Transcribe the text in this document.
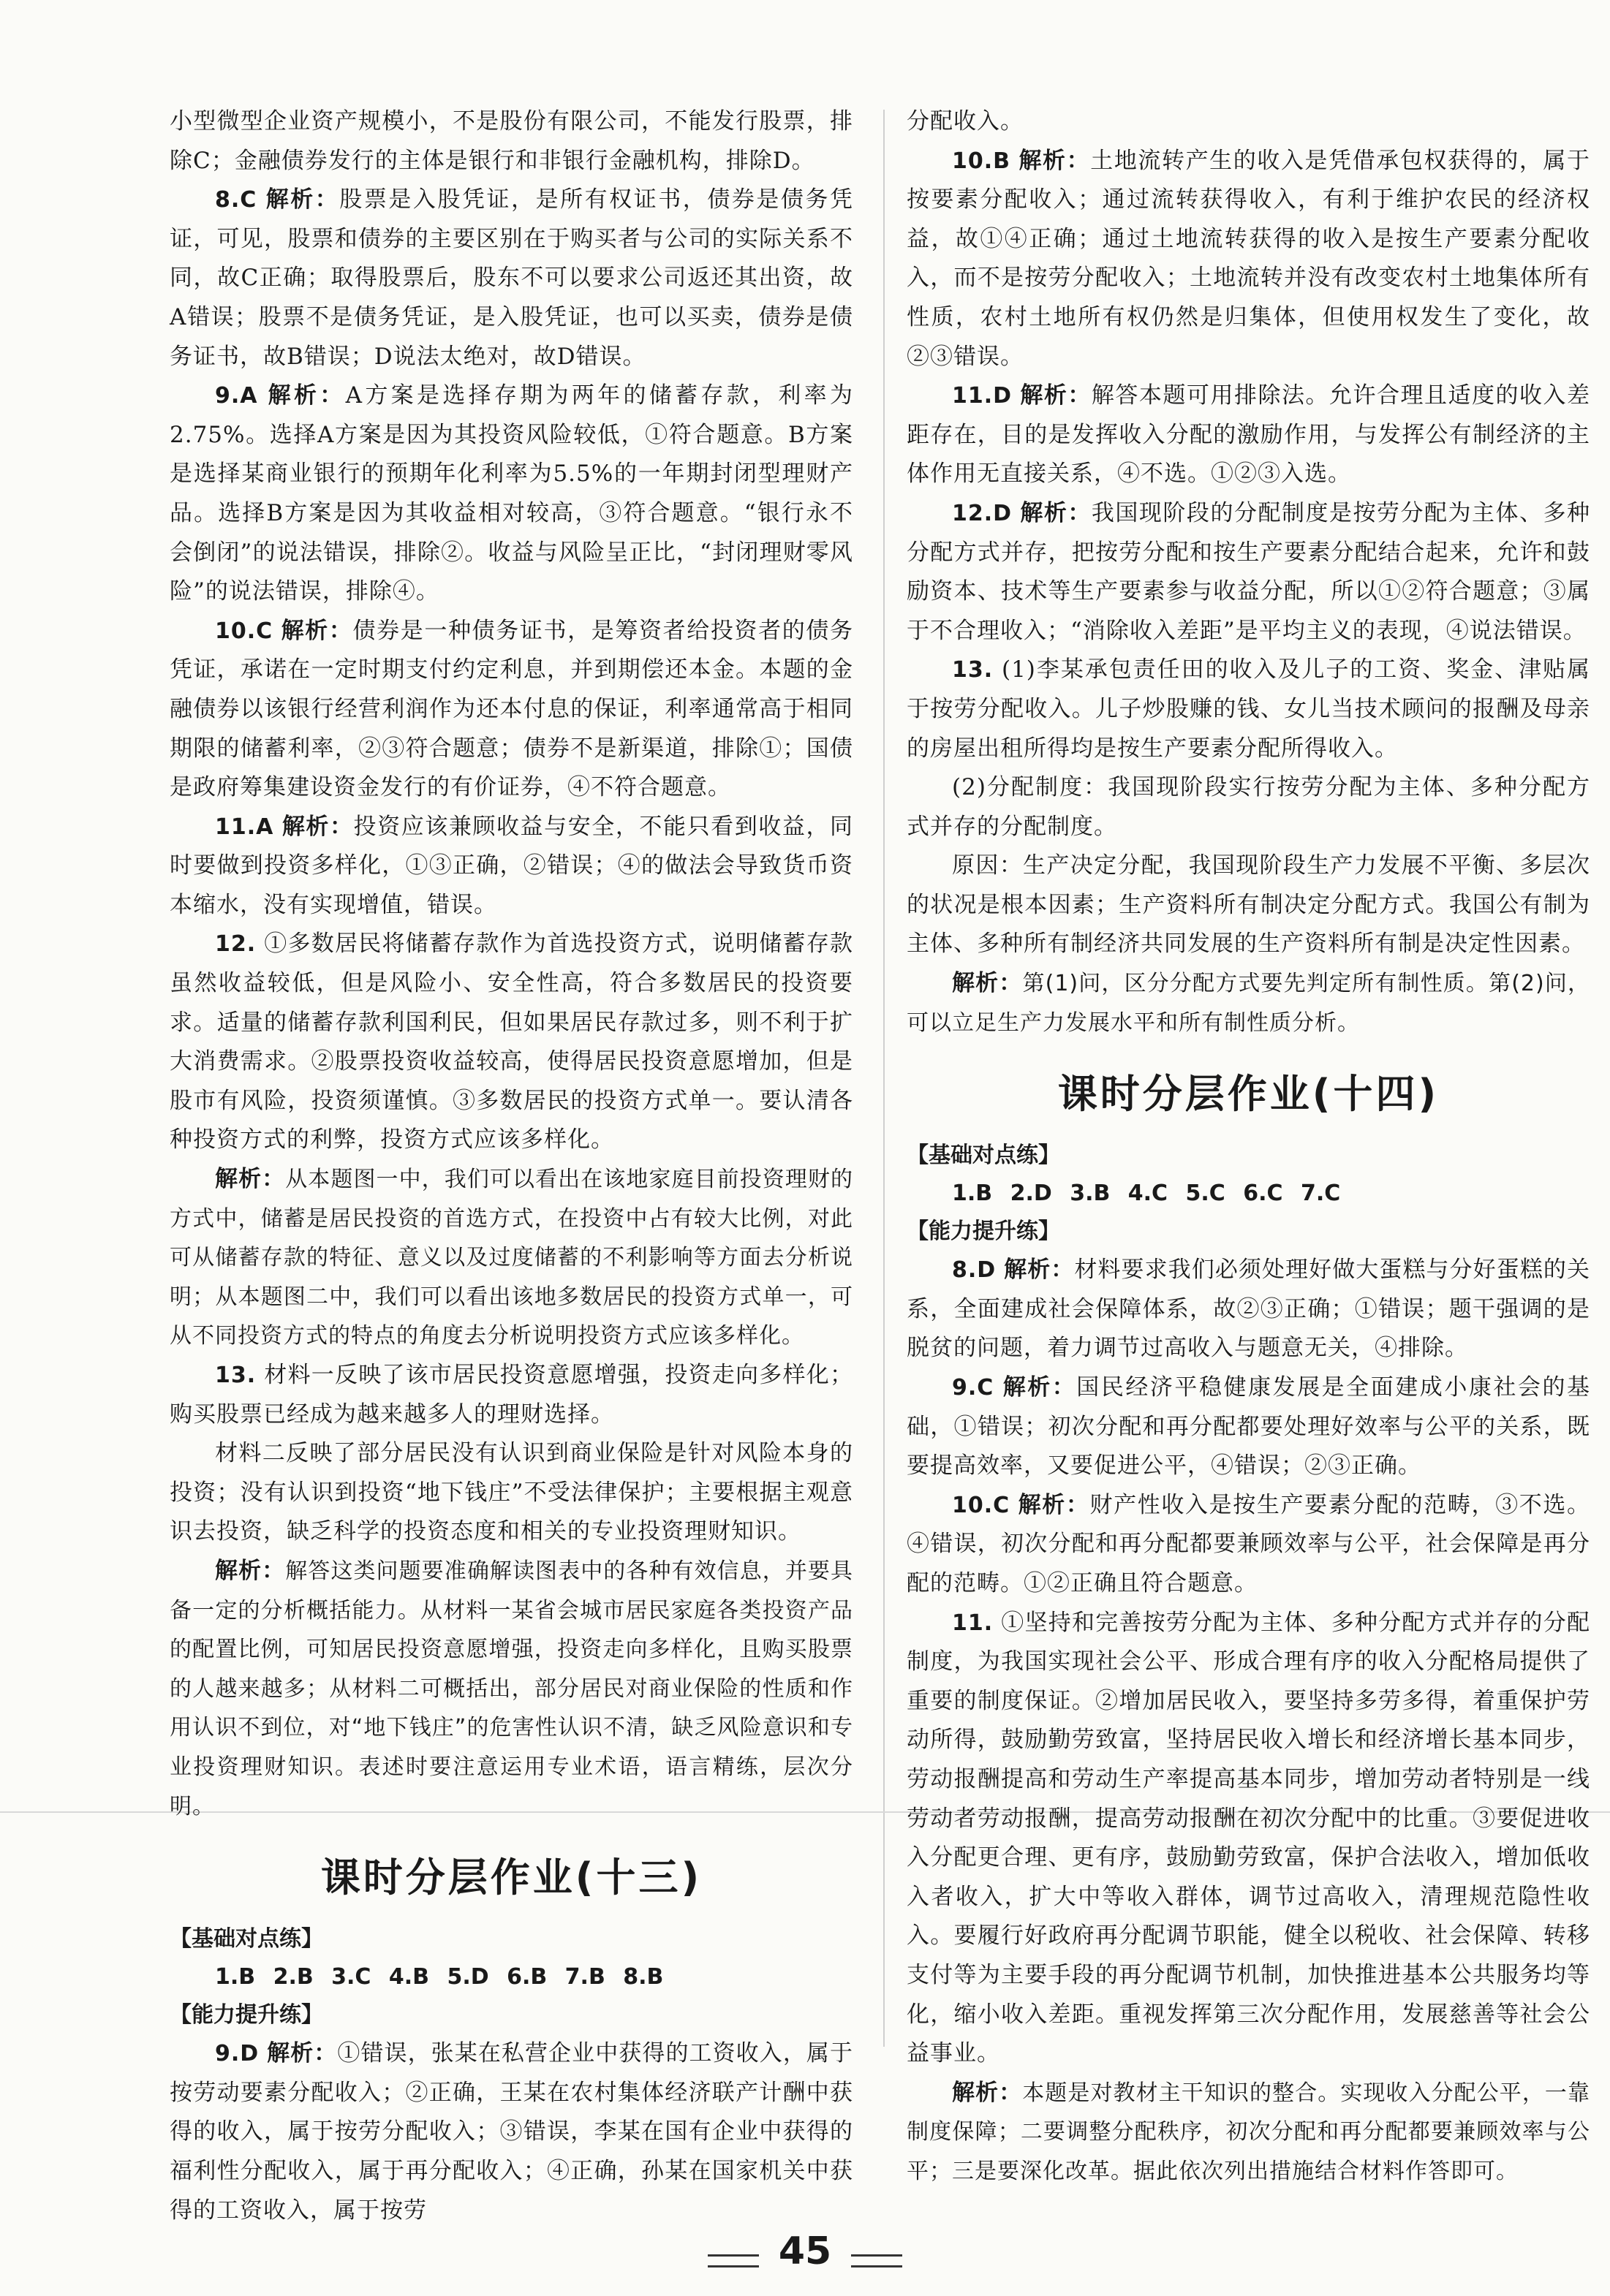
小型微型企业资产规模小，不是股份有限公司，不能发行股票，排除C；金融债券发行的主体是银行和非银行金融机构，排除D。

8.C 解析：股票是入股凭证，是所有权证书，债券是债务凭证，可见，股票和债券的主要区别在于购买者与公司的实际关系不同，故C正确；取得股票后，股东不可以要求公司返还其出资，故A错误；股票不是债务凭证，是入股凭证，也可以买卖，债券是债务证书，故B错误；D说法太绝对，故D错误。

9.A 解析：A方案是选择存期为两年的储蓄存款，利率为2.75%。选择A方案是因为其投资风险较低，①符合题意。B方案是选择某商业银行的预期年化利率为5.5%的一年期封闭型理财产品。选择B方案是因为其收益相对较高，③符合题意。“银行永不会倒闭”的说法错误，排除②。收益与风险呈正比，“封闭理财零风险”的说法错误，排除④。

10.C 解析：债券是一种债务证书，是筹资者给投资者的债务凭证，承诺在一定时期支付约定利息，并到期偿还本金。本题的金融债券以该银行经营利润作为还本付息的保证，利率通常高于相同期限的储蓄利率，②③符合题意；债券不是新渠道，排除①；国债是政府筹集建设资金发行的有价证券，④不符合题意。

11.A 解析：投资应该兼顾收益与安全，不能只看到收益，同时要做到投资多样化，①③正确，②错误；④的做法会导致货币资本缩水，没有实现增值，错误。

12. ①多数居民将储蓄存款作为首选投资方式，说明储蓄存款虽然收益较低，但是风险小、安全性高，符合多数居民的投资要求。适量的储蓄存款利国利民，但如果居民存款过多，则不利于扩大消费需求。②股票投资收益较高，使得居民投资意愿增加，但是股市有风险，投资须谨慎。③多数居民的投资方式单一。要认清各种投资方式的利弊，投资方式应该多样化。

解析：从本题图一中，我们可以看出在该地家庭目前投资理财的方式中，储蓄是居民投资的首选方式，在投资中占有较大比例，对此可从储蓄存款的特征、意义以及过度储蓄的不利影响等方面去分析说明；从本题图二中，我们可以看出该地多数居民的投资方式单一，可从不同投资方式的特点的角度去分析说明投资方式应该多样化。

13. 材料一反映了该市居民投资意愿增强，投资走向多样化；购买股票已经成为越来越多人的理财选择。

材料二反映了部分居民没有认识到商业保险是针对风险本身的投资；没有认识到投资“地下钱庄”不受法律保护；主要根据主观意识去投资，缺乏科学的投资态度和相关的专业投资理财知识。

解析：解答这类问题要准确解读图表中的各种有效信息，并要具备一定的分析概括能力。从材料一某省会城市居民家庭各类投资产品的配置比例，可知居民投资意愿增强，投资走向多样化，且购买股票的人越来越多；从材料二可概括出，部分居民对商业保险的性质和作用认识不到位，对“地下钱庄”的危害性认识不清，缺乏风险意识和专业投资理财知识。表述时要注意运用专业术语，语言精练，层次分明。

课时分层作业(十三)
【基础对点练】
1.B 2.B 3.C 4.B 5.D 6.B 7.B 8.B
【能力提升练】

9.D 解析：①错误，张某在私营企业中获得的工资收入，属于按劳动要素分配收入；②正确，王某在农村集体经济联产计酬中获得的收入，属于按劳分配收入；③错误，李某在国有企业中获得的福利性分配收入，属于再分配收入；④正确，孙某在国家机关中获得的工资收入，属于按劳

分配收入。

10.B 解析：土地流转产生的收入是凭借承包权获得的，属于按要素分配收入；通过流转获得收入，有利于维护农民的经济权益，故①④正确；通过土地流转获得的收入是按生产要素分配收入，而不是按劳分配收入；土地流转并没有改变农村土地集体所有性质，农村土地所有权仍然是归集体，但使用权发生了变化，故②③错误。

11.D 解析：解答本题可用排除法。允许合理且适度的收入差距存在，目的是发挥收入分配的激励作用，与发挥公有制经济的主体作用无直接关系，④不选。①②③入选。

12.D 解析：我国现阶段的分配制度是按劳分配为主体、多种分配方式并存，把按劳分配和按生产要素分配结合起来，允许和鼓励资本、技术等生产要素参与收益分配，所以①②符合题意；③属于不合理收入；“消除收入差距”是平均主义的表现，④说法错误。

13. (1)李某承包责任田的收入及儿子的工资、奖金、津贴属于按劳分配收入。儿子炒股赚的钱、女儿当技术顾问的报酬及母亲的房屋出租所得均是按生产要素分配所得收入。

(2)分配制度：我国现阶段实行按劳分配为主体、多种分配方式并存的分配制度。

原因：生产决定分配，我国现阶段生产力发展不平衡、多层次的状况是根本因素；生产资料所有制决定分配方式。我国公有制为主体、多种所有制经济共同发展的生产资料所有制是决定性因素。

解析：第(1)问，区分分配方式要先判定所有制性质。第(2)问，可以立足生产力发展水平和所有制性质分析。

课时分层作业(十四)
【基础对点练】
1.B 2.D 3.B 4.C 5.C 6.C 7.C
【能力提升练】

8.D 解析：材料要求我们必须处理好做大蛋糕与分好蛋糕的关系，全面建成社会保障体系，故②③正确；①错误；题干强调的是脱贫的问题，着力调节过高收入与题意无关，④排除。

9.C 解析：国民经济平稳健康发展是全面建成小康社会的基础，①错误；初次分配和再分配都要处理好效率与公平的关系，既要提高效率，又要促进公平，④错误；②③正确。

10.C 解析：财产性收入是按生产要素分配的范畴，③不选。④错误，初次分配和再分配都要兼顾效率与公平，社会保障是再分配的范畴。①②正确且符合题意。

11. ①坚持和完善按劳分配为主体、多种分配方式并存的分配制度，为我国实现社会公平、形成合理有序的收入分配格局提供了重要的制度保证。②增加居民收入，要坚持多劳多得，着重保护劳动所得，鼓励勤劳致富，坚持居民收入增长和经济增长基本同步，劳动报酬提高和劳动生产率提高基本同步，增加劳动者特别是一线劳动者劳动报酬，提高劳动报酬在初次分配中的比重。③要促进收入分配更合理、更有序，鼓励勤劳致富，保护合法收入，增加低收入者收入，扩大中等收入群体，调节过高收入，清理规范隐性收入。要履行好政府再分配调节职能，健全以税收、社会保障、转移支付等为主要手段的再分配调节机制，加快推进基本公共服务均等化，缩小收入差距。重视发挥第三次分配作用，发展慈善等社会公益事业。

解析：本题是对教材主干知识的整合。实现收入分配公平，一靠制度保障；二要调整分配秩序，初次分配和再分配都要兼顾效率与公平；三是要深化改革。据此依次列出措施结合材料作答即可。

45
